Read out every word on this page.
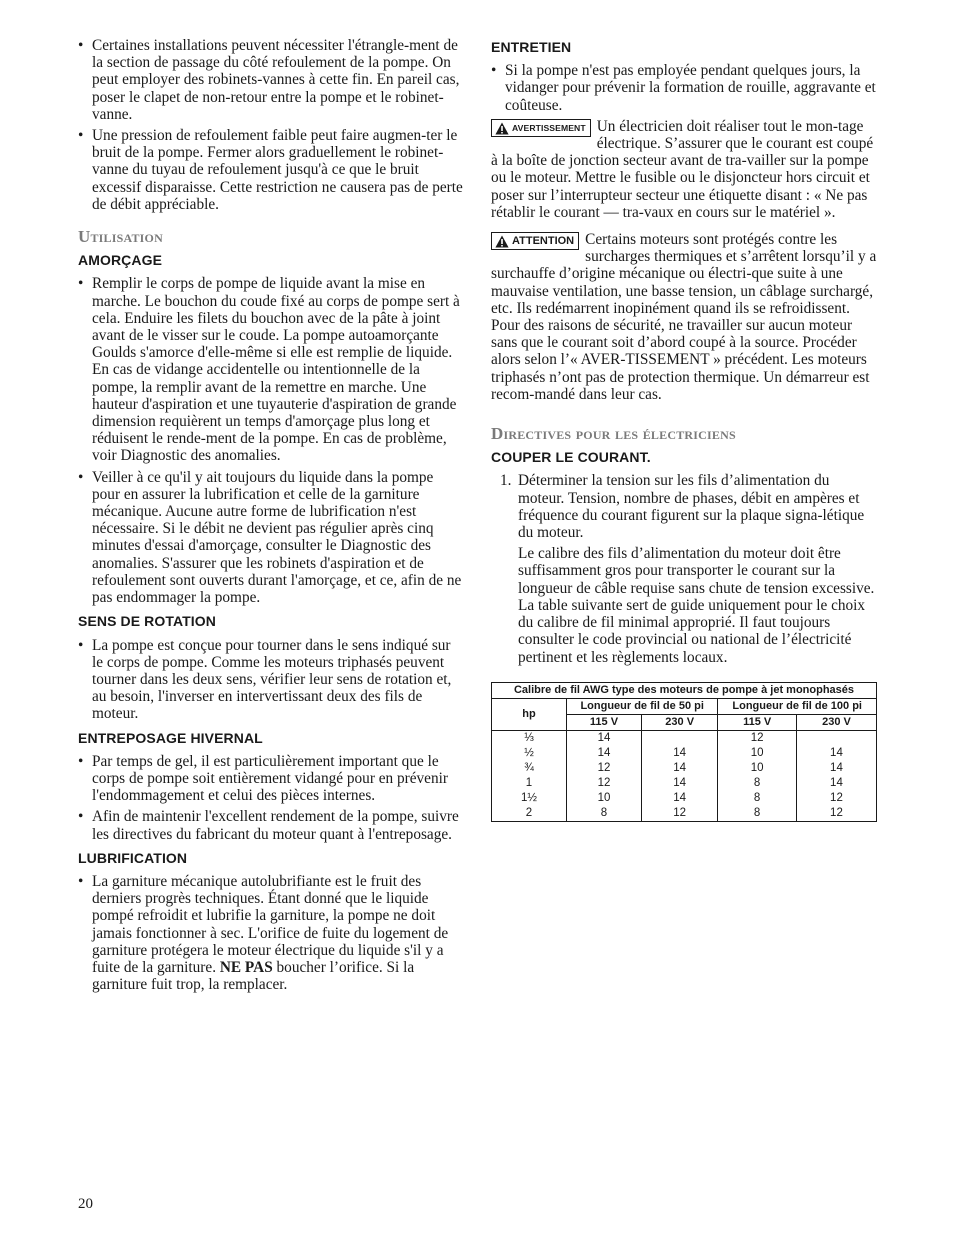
• Certaines installations peuvent nécessiter l'étrangle-ment de la section de passage du côté refoulement de la pompe. On peut employer des robinets-vannes à cette fin. En pareil cas, poser le clapet de non-retour entre la pompe et le robinet-vanne.
• Une pression de refoulement faible peut faire augmen-ter le bruit de la pompe. Fermer alors graduellement le robinet-vanne du tuyau de refoulement jusqu'à ce que le bruit excessif disparaisse. Cette restriction ne causera pas de perte de débit appréciable.
Utilisation
AMORÇAGE
• Remplir le corps de pompe de liquide avant la mise en marche. Le bouchon du coude fixé au corps de pompe sert à cela. Enduire les filets du bouchon avec de la pâte à joint avant de le visser sur le coude. La pompe autoamorçante Goulds s'amorce d'elle-même si elle est remplie de liquide. En cas de vidange accidentelle ou intentionnelle de la pompe, la remplir avant de la remettre en marche. Une hauteur d'aspiration et une tuyauterie d'aspiration de grande dimension requièrent un temps d'amorçage plus long et réduisent le rende-ment de la pompe. En cas de problème, voir Diagnostic des anomalies.
• Veiller à ce qu'il y ait toujours du liquide dans la pompe pour en assurer la lubrification et celle de la garniture mécanique. Aucune autre forme de lubrification n'est nécessaire. Si le débit ne devient pas régulier après cinq minutes d'essai d'amorçage, consulter le Diagnostic des anomalies. S'assurer que les robinets d'aspiration et de refoulement sont ouverts durant l'amorçage, et ce, afin de ne pas endommager la pompe.
SENS DE ROTATION
• La pompe est conçue pour tourner dans le sens indiqué sur le corps de pompe. Comme les moteurs triphasés peuvent tourner dans les deux sens, vérifier leur sens de rotation et, au besoin, l'inverser en intervertissant deux des fils de moteur.
ENTREPOSAGE HIVERNAL
• Par temps de gel, il est particulièrement important que le corps de pompe soit entièrement vidangé pour en prévenir l'endommagement et celui des pièces internes.
• Afin de maintenir l'excellent rendement de la pompe, suivre les directives du fabricant du moteur quant à l'entreposage.
LUBRIFICATION
• La garniture mécanique autolubrifiante est le fruit des derniers progrès techniques. Étant donné que le liquide pompé refroidit et lubrifie la garniture, la pompe ne doit jamais fonctionner à sec. L'orifice de fuite du logement de garniture protégera le moteur électrique du liquide s'il y a fuite de la garniture. NE PAS boucher l’orifice. Si la garniture fuit trop, la remplacer.
ENTRETIEN
• Si la pompe n'est pas employée pendant quelques jours, la vidanger pour prévenir la formation de rouille, aggravante et coûteuse.

AVERTISSEMENT Un électricien doit réaliser tout le mon-tage électrique. S’assurer que le courant est coupé à la boîte de jonction secteur avant de tra-vailler sur la pompe ou le moteur. Mettre le fusible ou le disjoncteur hors circuit et poser sur l’interrupteur secteur une étiquette disant : « Ne pas rétablir le courant — tra-vaux en cours sur le matériel ».

ATTENTION Certains moteurs sont protégés contre les surcharges thermiques et s’arrêtent lorsqu’il y a surchauffe d’origine mécanique ou électri-que suite à une mauvaise ventilation, une basse tension, un câblage surchargé, etc. Ils redémarrent inopinément quand ils se refroidissent. Pour des raisons de sécurité, ne travailler sur aucun moteur sans que le courant soit d’abord coupé à la source. Procéder alors selon l’« AVER-TISSEMENT » précédent. Les moteurs triphasés n’ont pas de protection thermique. Un démarreur est recom-mandé dans leur cas.

Directives pour les électriciens
COUPER LE COURANT.
1. Déterminer la tension sur les fils d’alimentation du moteur. Tension, nombre de phases, débit en ampères et fréquence du courant figurent sur la plaque signa-létique du moteur.

Le calibre des fils d’alimentation du moteur doit être suffisamment gros pour transporter le courant sur la longueur de câble requise sans chute de tension excessive. La table suivante sert de guide uniquement pour le choix du calibre de fil minimal approprié. Il faut toujours consulter le code provincial ou national de l’électricité pertinent et les règlements locaux.

Calibre de fil AWG type des moteurs de pompe à jet monophasés				
hp	Longueur de fil de 50 pi		Longueur de fil de 100 pi	
	115 V	230 V	115 V	230 V
⅓	14		12	
½	14	14	10	14
¾	12	14	10	14
1	12	14	8	14
1½	10	14	8	12
2	8	12	8	12
20
